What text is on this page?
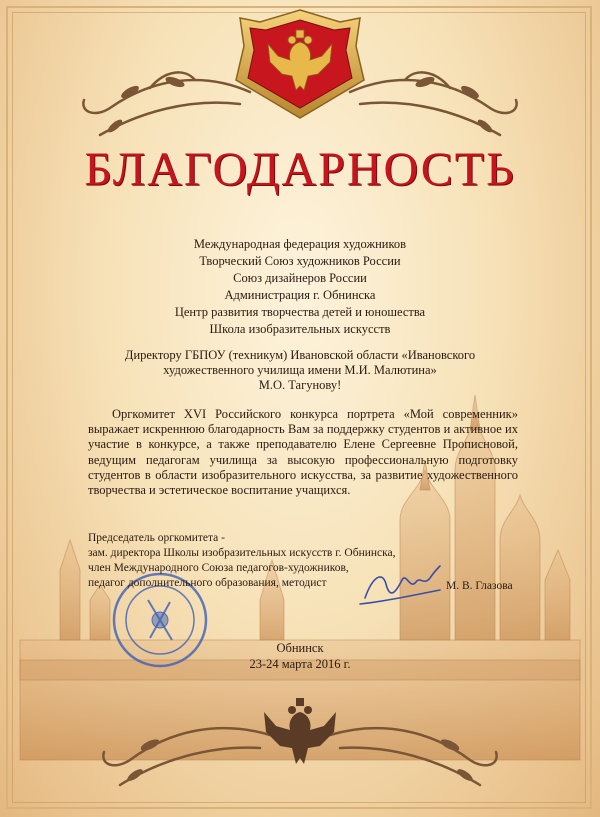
БЛАГОДАРНОСТЬ
Международная федерация художников
Творческий Союз художников России
Союз дизайнеров России
Администрация г. Обнинска
Центр развития творчества детей и юношества
Школа изобразительных искусств
Директору ГБПОУ (техникум) Ивановской области «Ивановского
художественного училища имени М.И. Малютина»
М.О. Тагунову!
Оргкомитет XVI Российского конкурса портрета «Мой современник» выражает искреннюю благодарность Вам за поддержку студентов и активное их участие в конкурсе, а также преподавателю Елене Сергеевне Прописновой, ведущим педагогам училища за высокую профессиональную подготовку студентов в области изобразительного искусства, за развитие художественного творчества и эстетическое воспитание учащихся.
Председатель оргкомитета -
зам. директора Школы изобразительных искусств г. Обнинска,
член Международного Союза педагогов-художников,
педагог дополнительного образования, методист	М. В. Глазова
Обнинск
23-24 марта 2016 г.
